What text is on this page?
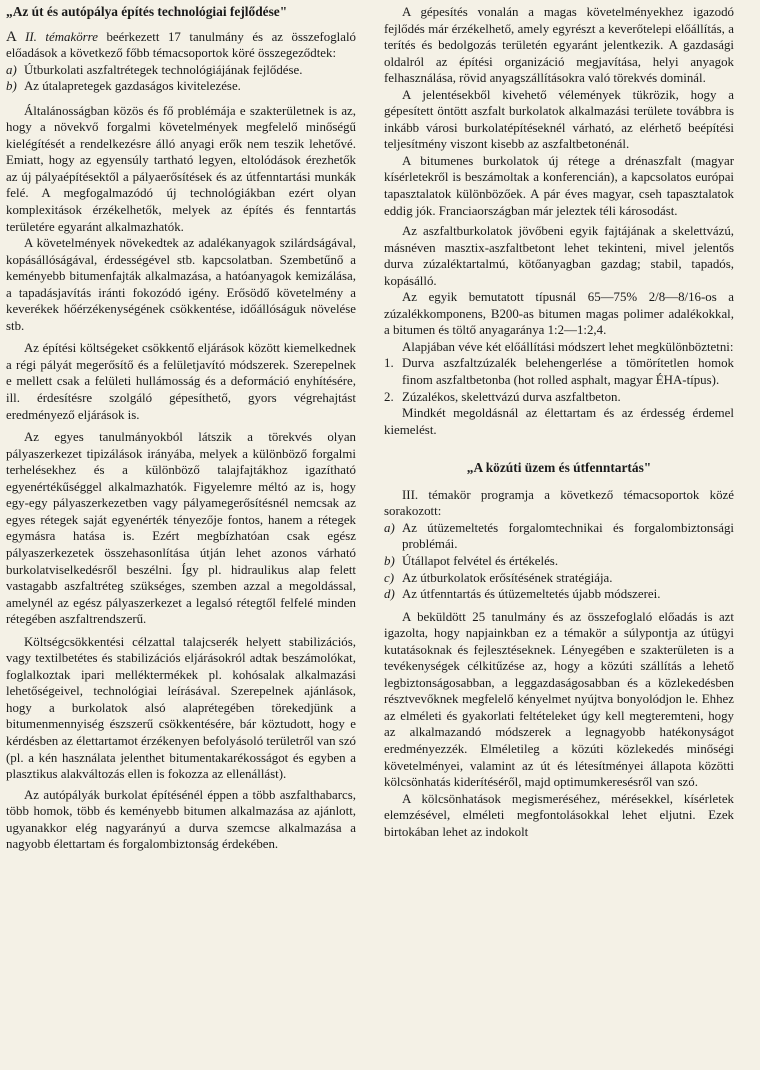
„Az út és autópálya építés technológiai fejlődése"

A II. témakörre beérkezett 17 tanulmány és az összefoglaló előadások a következő főbb témacsoportok köré összegeződtek:

a) Útburkolati aszfaltrétegek technológiájának fejlődése.
b) Az útalapretegek gazdaságos kivitelezése.

Általánosságban közös és fő problémája e szakterületnek is az, hogy a növekvő forgalmi követelmények megfelelő minőségű kielégítését a rendelkezésre álló anyagi erők nem teszik lehetővé. Emiatt, hogy az egyensúly tartható legyen, eltolódások érezhetők az új pályaépítésektől a pályaerősítések és az útfenntartási munkák felé. A megfogalmazódó új technológiákban ezért olyan komplexitások érzékelhetők, melyek az építés és fenntartás területére egyaránt alkalmazhatók.

A követelmények növekedtek az adalékanyagok szilárdságával, kopásállóságával, érdességével stb. kapcsolatban. Szembetűnő a keményebb bitumenfajták alkalmazása, a hatóanyagok kemizálása, a tapadásjavítás iránti fokozódó igény. Erősödő követelmény a keverékek hőérzékenységének csökkentése, időállóságuk növelése stb.

Az építési költségeket csökkentő eljárások között kiemelkednek a régi pályát megerősítő és a felületjavító módszerek. Szerepelnek e mellett csak a felületi hullámosság és a deformáció enyhítésére, ill. érdesítésre szolgáló gépesíthető, gyors végrehajtást eredményező eljárások is.

Az egyes tanulmányokból látszik a törekvés olyan pályaszerkezet tipizálások irányába, melyek a különböző forgalmi terhelésekhez és a különböző talajfajtákhoz igazítható egyenértékűséggel alkalmazhatók. Figyelemre méltó az is, hogy egy-egy pályaszerkezetben vagy pályamegerősítésnél nemcsak az egyes rétegek saját egyenérték tényezője fontos, hanem a rétegek egymásra hatása is. Ezért megbízhatóan csak egész pályaszerkezetek összehasonlítása útján lehet azonos várható burkolatviselkedésről beszélni. Így pl. hidraulikus alap felett vastagabb aszfaltréteg szükséges, szemben azzal a megoldással, amelynél az egész pályaszerkezet a legalsó rétegtől felfelé minden rétegében aszfaltrendszerű.

Költségcsökkentési célzattal talajcserék helyett stabilizációs, vagy textilbetétes és stabilizációs eljárásokról adtak beszámolókat, foglalkoztak ipari melléktermékek pl. kohósalak alkalmazási lehetőségeivel, technológiai leírásával. Szerepelnek ajánlások, hogy a burkolatok alsó alaprétegében törekedjünk a bitumenmennyiség észszerű csökkentésére, bár köztudott, hogy e kérdésben az élettartamot érzékenyen befolyásoló területről van szó (pl. a kén használata jelenthet bitumentakarékosságot és egyben a plasztikus alakváltozás ellen is fokozza az ellenállást).

Az autópályák burkolat építésénél éppen a több aszfalthabarcs, több homok, több és keményebb bitumen alkalmazása az ajánlott, ugyanakkor elég nagyarányú a durva szemcse alkalmazása a nagyobb élettartam és forgalombiztonság érdekében.

A gépesítés vonalán a magas követelményekhez igazodó fejlődés már érzékelhető, amely egyrészt a keverőtelepi előállítás, a terítés és bedolgozás területén egyaránt jelentkezik. A gazdasági oldalról az építési organizáció megjavítása, helyi anyagok felhasználása, rövid anyagszállításokra való törekvés dominál.

A jelentésekből kivehető vélemények tükrözik, hogy a gépesített öntött aszfalt burkolatok alkalmazási területe továbbra is inkább városi burkolatépítéseknél várható, az elérhető beépítési teljesítmény viszont kisebb az aszfaltbetonénál.

A bitumenes burkolatok új rétege a drénaszfalt (magyar kísérletekről is beszámoltak a konferencián), a kapcsolatos európai tapasztalatok különbözőek. A pár éves magyar, cseh tapasztalatok eddig jók. Franciaországban már jeleztek téli károsodást.

Az aszfaltburkolatok jövőbeni egyik fajtájának a skelettvázú, másnéven masztix-aszfaltbetont lehet tekinteni, mivel jelentős durva zúzaléktartalmú, kötőanyagban gazdag; stabil, tapadós, kopásálló.

Az egyik bemutatott típusnál 65—75% 2/8—8/16-os a zúzalékkomponens, B200-as bitumen magas polimer adalékokkal, a bitumen és töltő anyagaránya 1:2—1:2,4.

Alapjában véve két előállítási módszert lehet megkülönböztetni:

1. Durva aszfaltzúzalék belehengerlése a tömörítetlen homok finom aszfaltbetonba (hot rolled asphalt, magyar ÉHA-típus).
2. Zúzalékos, skelettvázú durva aszfaltbeton.

Mindkét megoldásnál az élettartam és az érdesség érdemel kiemelést.

„A közúti üzem és útfenntartás"

III. témakör programja a következő témacsoportok közé sorakozott:

a) Az útüzemeltetés forgalomtechnikai és forgalombiztonsági problémái.
b) Útállapot felvétel és értékelés.
c) Az útburkolatok erősítésének stratégiája.
d) Az útfenntartás és útüzemeltetés újabb módszerei.

A beküldött 25 tanulmány és az összefoglaló előadás is azt igazolta, hogy napjainkban ez a témakör a súlypontja az útügyi kutatásoknak és fejlesztéseknek. Lényegében e szakterületen is a tevékenységek célkitűzése az, hogy a közúti szállítás a lehető legbiztonságosabban, a leggazdaságosabban és a közlekedésben résztvevőknek megfelelő kényelmet nyújtva bonyolódjon le. Ehhez az elméleti és gyakorlati feltételeket úgy kell megteremteni, hogy az alkalmazandó módszerek a legnagyobb hatékonyságot eredményezzék. Elméletileg a közúti közlekedés minőségi követelményei, valamint az út és létesítményei állapota közötti kölcsönhatás kiderítéséről, majd optimumkeresésről van szó.

A kölcsönhatások megismeréséhez, mérésekkel, kísérletek elemzésével, elméleti megfontolásokkal lehet eljutni. Ezek birtokában lehet az indokolt
